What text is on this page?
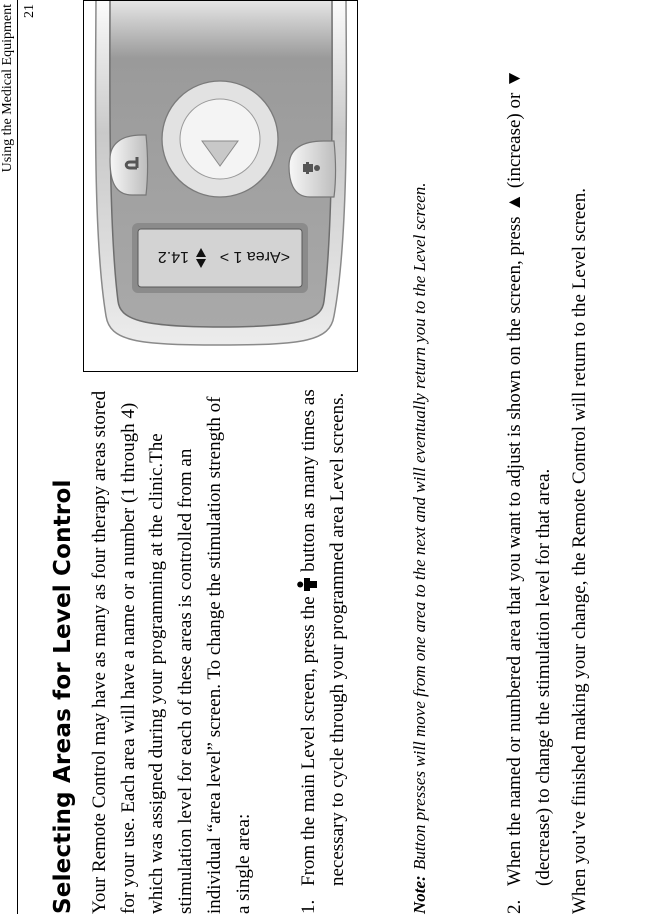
Using the Medical Equipment 21
Selecting Areas for Level Control Your Remote Control may have as many as four therapy areas stored for your use. Each area will have a name or a number (1 through 4) which was assigned during your programming at the clinic.The stimulation level for each of these areas is controlled from an individual “area level” screen. To change the stimulation strength of a single area: 1.
From the main Level screen, press the  button as many times as necessary to cycle through your programmed area Level screens.
<Area 1 >
14.2
Note:
Button presses will move from one area to the next and will eventually return you to the Level screen.
2.
When the named or numbered area that you want to adjust is shown on the screen, press ▲ (increase) or ▼ (decrease) to change the stimulation level for that area. When you’ve finished making your change, the Remote Control will return to the Level screen.
